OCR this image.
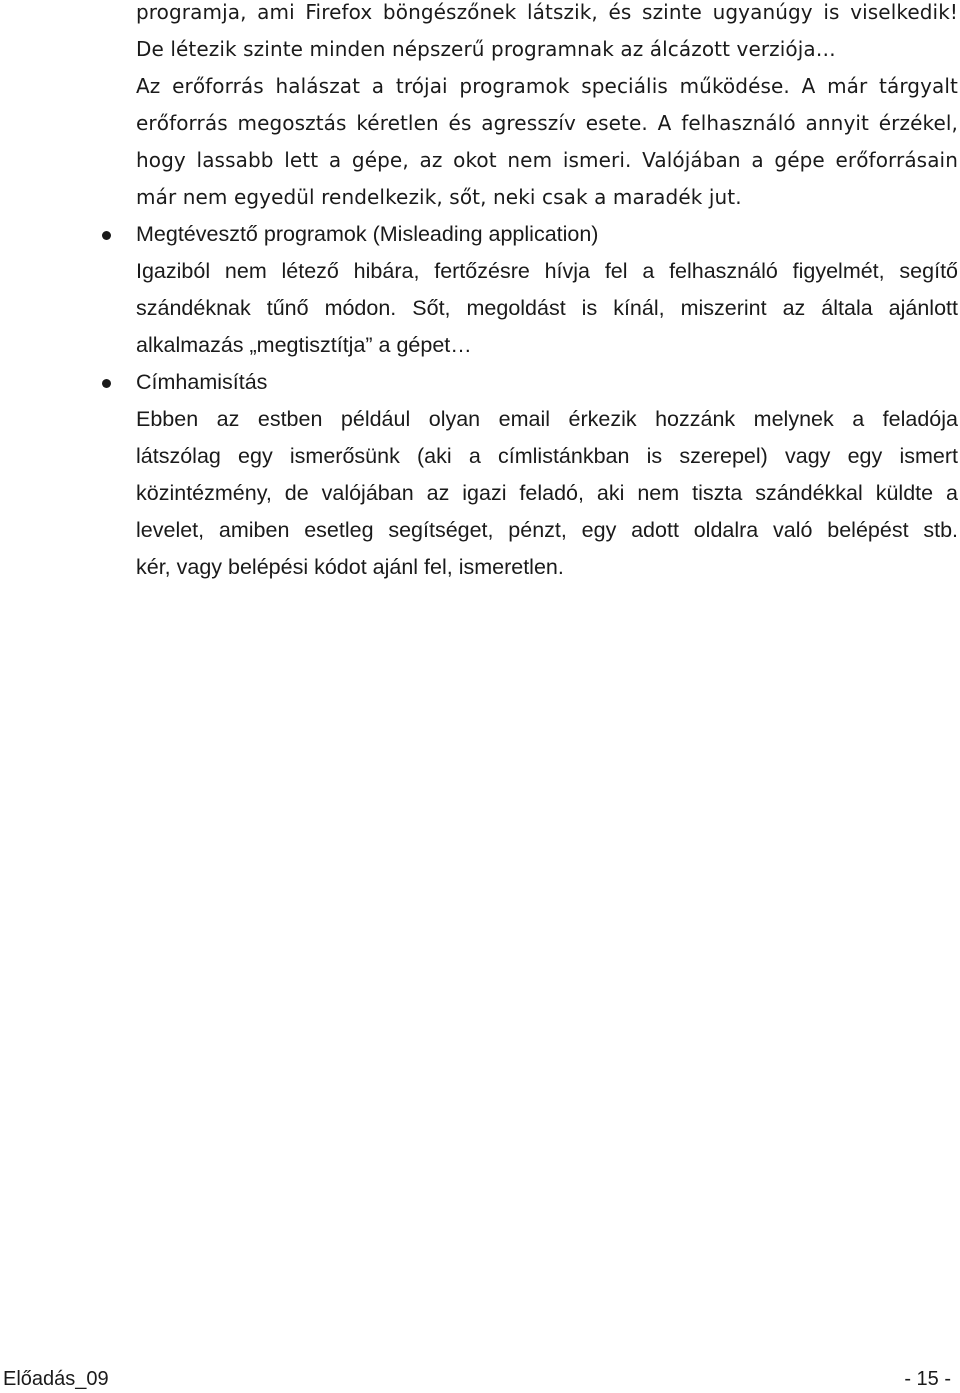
programja, ami Firefox böngészőnek látszik, és szinte ugyanúgy is viselkedik!
De létezik szinte minden népszerű programnak az álcázott verziója…
Az erőforrás halászat a trójai programok speciális működése. A már tárgyalt
erőforrás megosztás kéretlen és agresszív esete. A felhasználó annyit érzékel,
hogy lassabb lett a gépe, az okot nem ismeri. Valójában a gépe erőforrásain
már nem egyedül rendelkezik, sőt, neki csak a maradék jut.
Megtévesztő programok (Misleading application)
Igaziból nem létező hibára, fertőzésre hívja fel a felhasználó figyelmét, segítő
szándéknak tűnő módon. Sőt, megoldást is kínál, miszerint az általa ajánlott
alkalmazás „megtisztítja” a gépet…
Címhamisítás
Ebben az estben például olyan email érkezik hozzánk melynek a feladója
látszólag egy ismerősünk (aki a címlistánkban is szerepel) vagy egy ismert
közintézmény, de valójában az igazi feladó, aki nem tiszta szándékkal küldte a
levelet, amiben esetleg segítséget, pénzt, egy adott oldalra való belépést stb.
kér, vagy belépési kódot ajánl fel, ismeretlen.
Előadás_09	- 15 -
